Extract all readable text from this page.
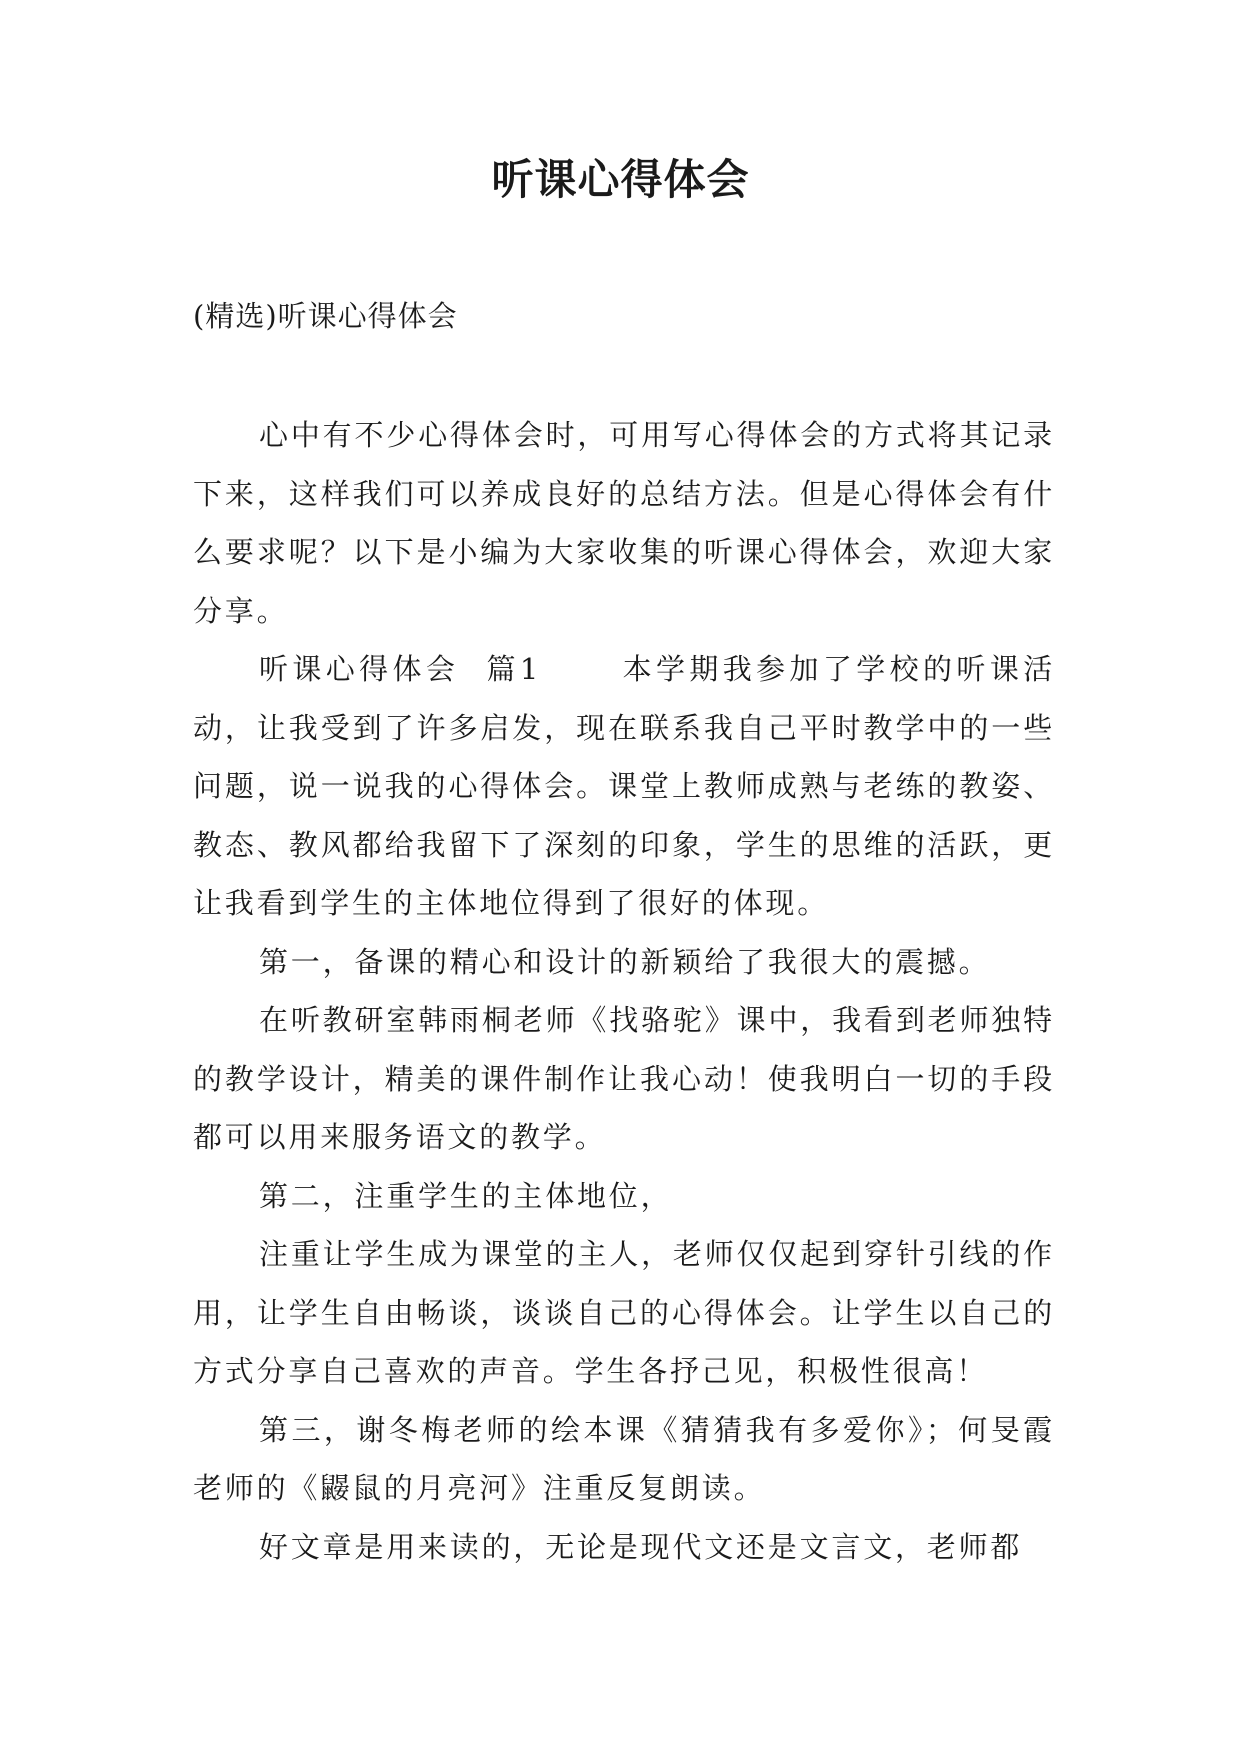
听课心得体会

(精选)听课心得体会

心中有不少心得体会时，可用写心得体会的方式将其记录下来，这样我们可以养成良好的总结方法。但是心得体会有什么要求呢？以下是小编为大家收集的听课心得体会，欢迎大家分享。

听课心得体会  篇1      本学期我参加了学校的听课活动，让我受到了许多启发，现在联系我自己平时教学中的一些问题，说一说我的心得体会。课堂上教师成熟与老练的教姿、教态、教风都给我留下了深刻的印象，学生的思维的活跃，更让我看到学生的主体地位得到了很好的体现。

第一，备课的精心和设计的新颖给了我很大的震撼。

在听教研室韩雨桐老师《找骆驼》课中，我看到老师独特的教学设计，精美的课件制作让我心动！使我明白一切的手段都可以用来服务语文的教学。

第二，注重学生的主体地位，

注重让学生成为课堂的主人，老师仅仅起到穿针引线的作用，让学生自由畅谈，谈谈自己的心得体会。让学生以自己的方式分享自己喜欢的声音。学生各抒己见，积极性很高！

第三，谢冬梅老师的绘本课《猜猜我有多爱你》；何旻霞老师的《鼹鼠的月亮河》注重反复朗读。

好文章是用来读的，无论是现代文还是文言文，老师都
